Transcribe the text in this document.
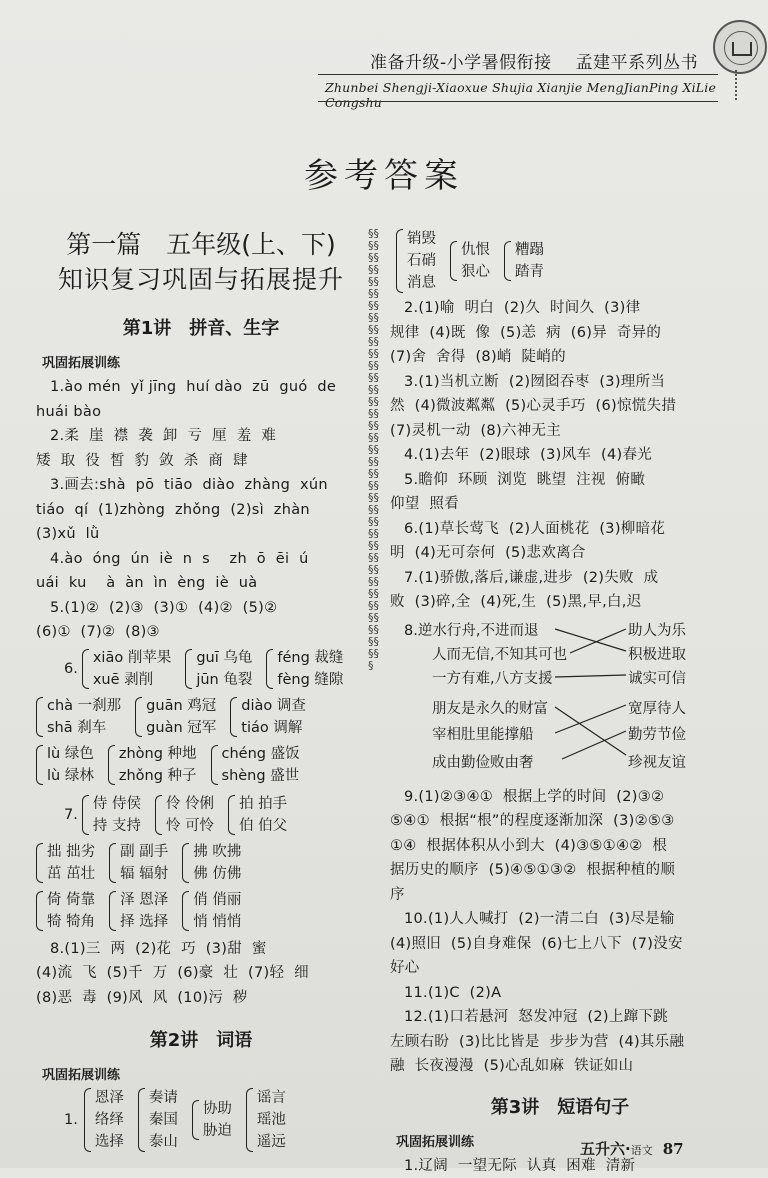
准备升级-小学暑假衔接 孟建平系列丛书
Zhunbei Shengji-Xiaoxue Shujia Xianjie MengJianPing XiLie Congshu
参考答案
§§§§§§§§§§§§§§§§§§§§§§§§§§§§§§§§§§§§§§§§§§§§§§§§§§§§§§§§§§§§§§§§§§§§§§§§§
第一篇　五年级(上、下)
知识复习巩固与拓展提升
第1讲　拼音、生字
巩固拓展训练
1.ào mén  yǐ jīng  huí dào  zū  guó  de
huái bào
2.柔  崖  襟  袭  卸  亏  厘  羞  难
矮  取  役  皙  豹  敛  杀  商  肆
3.画去:shà  pō  tiāo  diào  zhàng  xún
tiáo  qí  (1)zhòng  zhǒng  (2)sì  zhàn
(3)xǔ  lǜ
4.ào  óng  ún  iè  n  s    zh  ō  ēi  ú
uái  ku    à  àn  ìn  èng  iè  uà
5.(1)②  (2)③  (3)①  (4)②  (5)②
(6)①  (7)②  (8)③
6.
xiāo 削苹果
xuē 剥削
guī 乌龟
jūn 龟裂
féng 裁缝
fèng 缝隙
chà 一刹那
shā 刹车
guān 鸡冠
guàn 冠军
diào 调查
tiáo 调解
lù 绿色
lù 绿林
zhòng 种地
zhǒng 种子
chéng 盛饭
shèng 盛世
7.
侍 侍侯
持 支持
伶 伶俐
怜 可怜
拍 拍手
伯 伯父
拙 拙劣
茁 茁壮
副 副手
辐 辐射
拂 吹拂
佛 仿佛
倚 倚靠
犄 犄角
泽 恩泽
择 选择
俏 俏丽
悄 悄悄
8.(1)三  两  (2)花  巧  (3)甜  蜜
(4)流  飞  (5)千  万  (6)豪  壮  (7)轻  细
(8)恶  毒  (9)风  风  (10)污  秽
第2讲　词语
巩固拓展训练
1.
恩泽
络绎
选择
奏请
秦国
泰山
协助
胁迫
谣言
瑶池
遥远
销毁
石硝
消息
仇恨
狠心
糟蹋
踏青
2.(1)喻  明白  (2)久  时间久  (3)律
规律  (4)既  像  (5)恙  病  (6)异  奇异的
(7)舍  舍得  (8)峭  陡峭的
3.(1)当机立断  (2)囫囵吞枣  (3)理所当
然  (4)微波粼粼  (5)心灵手巧  (6)惊慌失措
(7)灵机一动  (8)六神无主
4.(1)去年  (2)眼球  (3)风车  (4)春光
5.瞻仰  环顾  浏览  眺望  注视  俯瞰
仰望  照看
6.(1)草长莺飞  (2)人面桃花  (3)柳暗花
明  (4)无可奈何  (5)悲欢离合
7.(1)骄傲,落后,谦虚,进步  (2)失败  成
败  (3)碎,全  (4)死,生  (5)黑,早,白,迟
8.逆水行舟,不进而退
人而无信,不知其可也
一方有难,八方支援
朋友是永久的财富
宰相肚里能撑船
成由勤俭败由奢
助人为乐
积极进取
诚实可信
宽厚待人
勤劳节俭
珍视友谊
9.(1)②③④①  根据上学的时间  (2)③②
⑤④①  根据“根”的程度逐渐加深  (3)②⑤③
①④  根据体积从小到大  (4)③⑤①④②  根
据历史的顺序  (5)④⑤①③②  根据种植的顺
序
10.(1)人人喊打  (2)一清二白  (3)尽是输
(4)照旧  (5)自身难保  (6)七上八下  (7)没安
好心
11.(1)C  (2)A
12.(1)口若悬河  怒发冲冠  (2)上蹿下跳
左顾右盼  (3)比比皆是  步步为营  (4)其乐融
融  长夜漫漫  (5)心乱如麻  铁证如山
第3讲　短语句子
巩固拓展训练
1.辽阔  一望无际  认真  困难  清新
五升六·语文 87
